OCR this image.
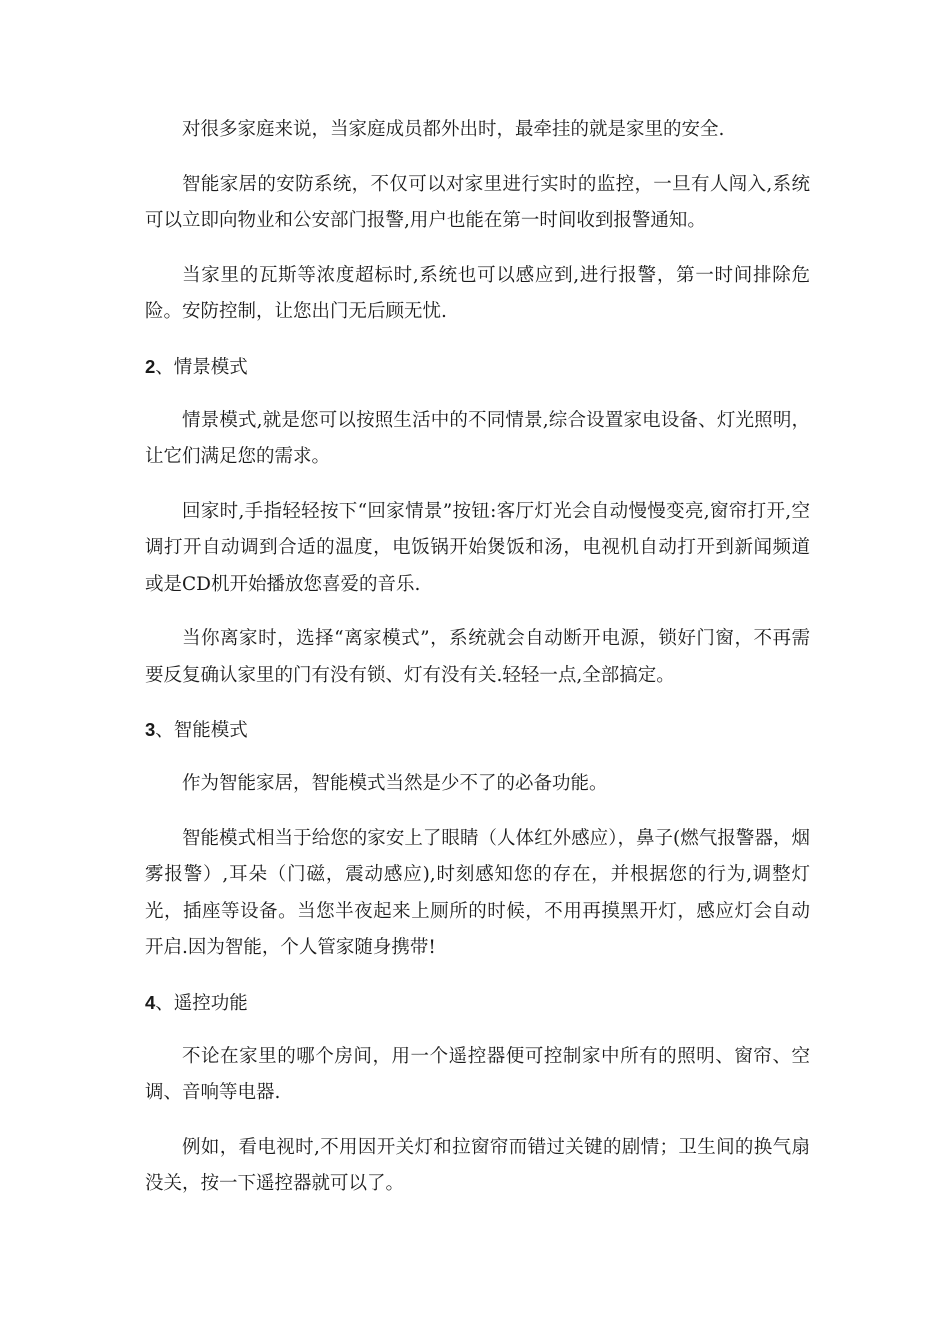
对很多家庭来说，当家庭成员都外出时，最牵挂的就是家里的安全.

智能家居的安防系统，不仅可以对家里进行实时的监控，一旦有人闯入,系统可以立即向物业和公安部门报警,用户也能在第一时间收到报警通知。

当家里的瓦斯等浓度超标时,系统也可以感应到,进行报警，第一时间排除危险。安防控制，让您出门无后顾无忧.

2、情景模式

情景模式,就是您可以按照生活中的不同情景,综合设置家电设备、灯光照明，让它们满足您的需求。

回家时,手指轻轻按下“回家情景”按钮:客厅灯光会自动慢慢变亮,窗帘打开,空调打开自动调到合适的温度，电饭锅开始煲饭和汤，电视机自动打开到新闻频道或是CD机开始播放您喜爱的音乐.

当你离家时，选择“离家模式”，系统就会自动断开电源，锁好门窗，不再需要反复确认家里的门有没有锁、灯有没有关.轻轻一点,全部搞定。

3、智能模式

作为智能家居，智能模式当然是少不了的必备功能。

智能模式相当于给您的家安上了眼睛（人体红外感应），鼻子(燃气报警器，烟雾报警）,耳朵（门磁，震动感应),时刻感知您的存在，并根据您的行为,调整灯光，插座等设备。当您半夜起来上厕所的时候，不用再摸黑开灯，感应灯会自动开启.因为智能，个人管家随身携带!

4、遥控功能

不论在家里的哪个房间，用一个遥控器便可控制家中所有的照明、窗帘、空调、音响等电器.

例如，看电视时,不用因开关灯和拉窗帘而错过关键的剧情；卫生间的换气扇没关，按一下遥控器就可以了。
